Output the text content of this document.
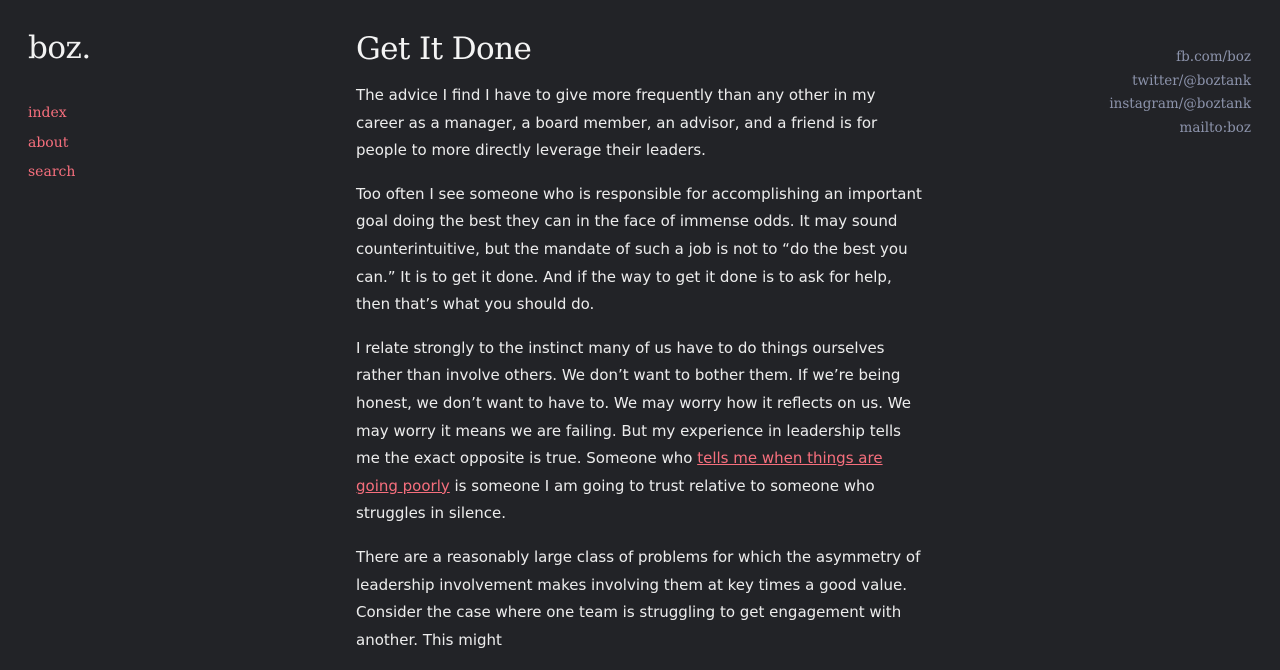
boz.
index
about
search
fb.com/boz
twitter/@boztank
instagram/@boztank
mailto:boz
Get It Done

The advice I find I have to give more frequently than any other in my career as a manager, a board member, an advisor, and a friend is for people to more directly leverage their leaders.

Too often I see someone who is responsible for accomplishing an important goal doing the best they can in the face of immense odds. It may sound counterintuitive, but the mandate of such a job is not to “do the best you can.” It is to get it done. And if the way to get it done is to ask for help, then that’s what you should do.

I relate strongly to the instinct many of us have to do things ourselves rather than involve others. We don’t want to bother them. If we’re being honest, we don’t want to have to. We may worry how it reflects on us. We may worry it means we are failing. But my experience in leadership tells me the exact opposite is true. Someone who tells me when things are going poorly is someone I am going to trust relative to someone who struggles in silence.

There are a reasonably large class of problems for which the asymmetry of leadership involvement makes involving them at key times a good value. Consider the case where one team is struggling to get engagement with another. This might
